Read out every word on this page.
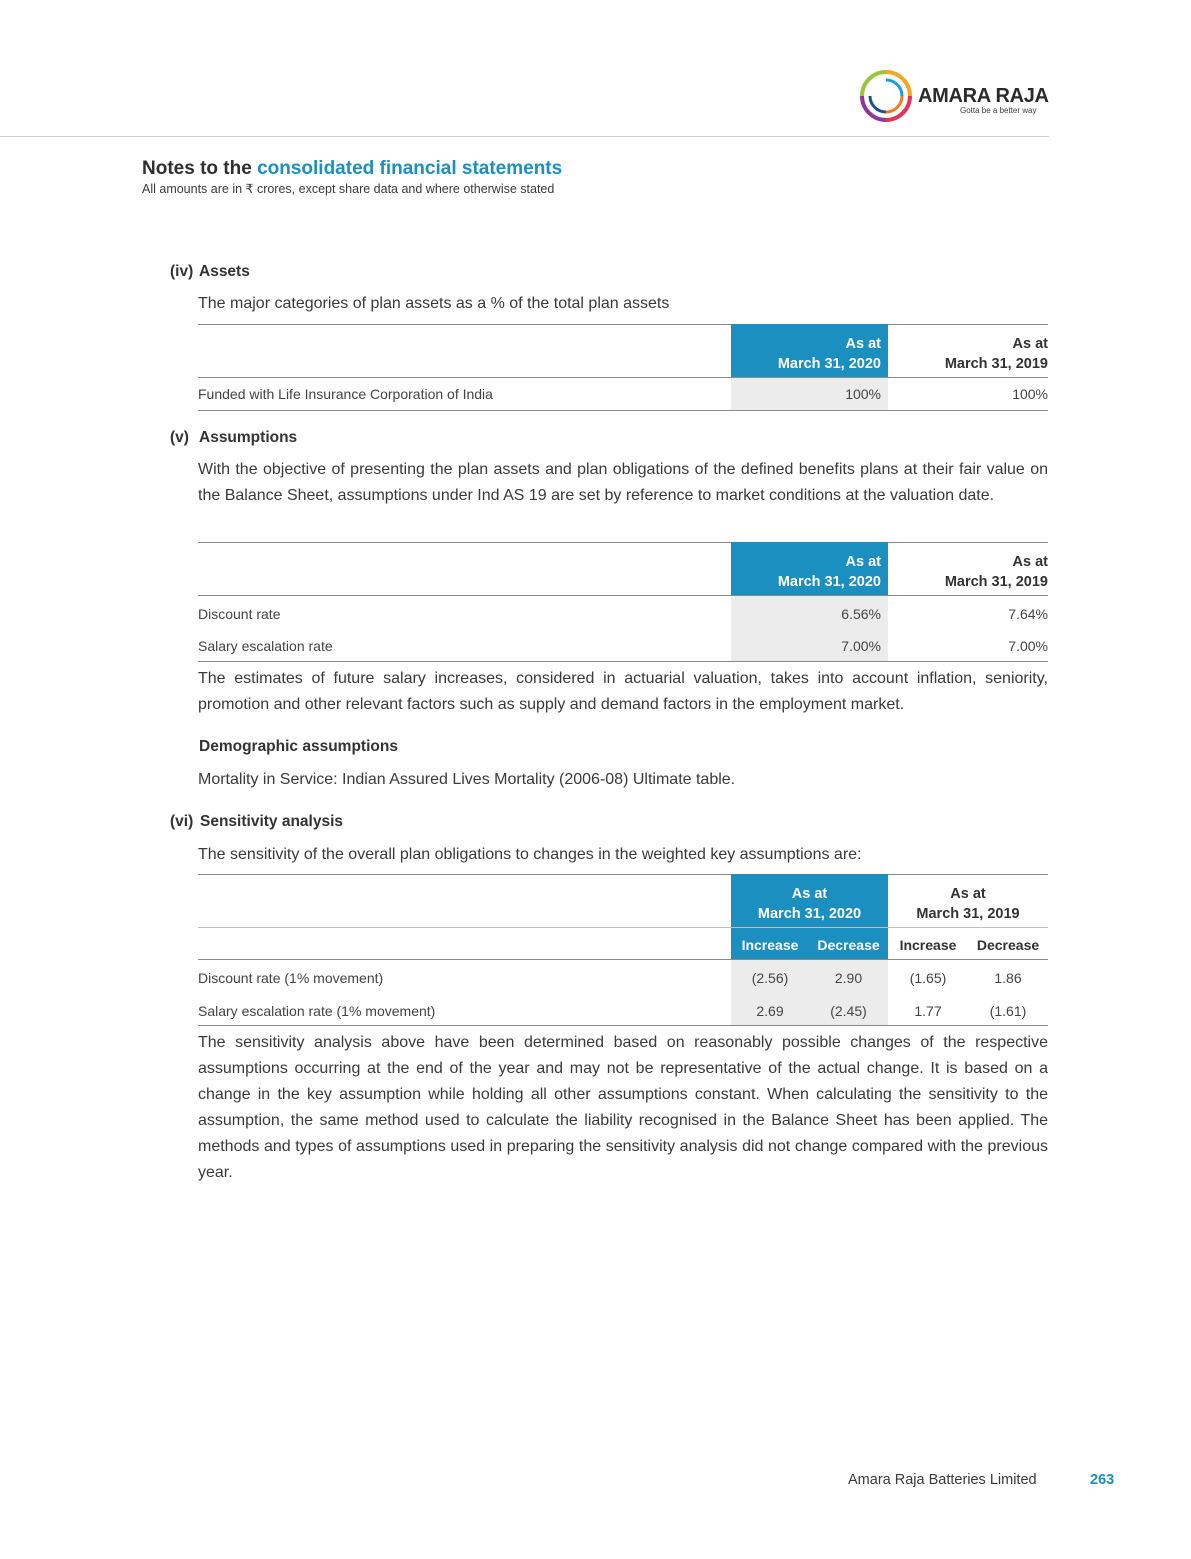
AMARA RAJA
Gotta be a better way
Notes to the consolidated financial statements
All amounts are in ₹ crores, except share data and where otherwise stated
(iv) Assets
The major categories of plan assets as a % of the total plan assets
As at
March 31, 2020
As at
March 31, 2019
Funded with Life Insurance Corporation of India	100%	100%
(v) Assumptions
With the objective of presenting the plan assets and plan obligations of the defined benefits plans at their fair value on the Balance Sheet, assumptions under Ind AS 19 are set by reference to market conditions at the valuation date.
As at
March 31, 2020
As at
March 31, 2019
Discount rate	6.56%	7.64%
Salary escalation rate	7.00%	7.00%
The estimates of future salary increases, considered in actuarial valuation, takes into account inflation, seniority, promotion and other relevant factors such as supply and demand factors in the employment market.
Demographic assumptions
Mortality in Service: Indian Assured Lives Mortality (2006-08) Ultimate table.
(vi) Sensitivity analysis
The sensitivity of the overall plan obligations to changes in the weighted key assumptions are:
As at
March 31, 2020
As at
March 31, 2019
Increase	Decrease	Increase	Decrease
Discount rate (1% movement)	(2.56)	2.90	(1.65)	1.86
Salary escalation rate (1% movement)	2.69	(2.45)	1.77	(1.61)
The sensitivity analysis above have been determined based on reasonably possible changes of the respective assumptions occurring at the end of the year and may not be representative of the actual change. It is based on a change in the key assumption while holding all other assumptions constant. When calculating the sensitivity to the assumption, the same method used to calculate the liability recognised in the Balance Sheet has been applied. The methods and types of assumptions used in preparing the sensitivity analysis did not change compared with the previous year.
Amara Raja Batteries Limited	263
